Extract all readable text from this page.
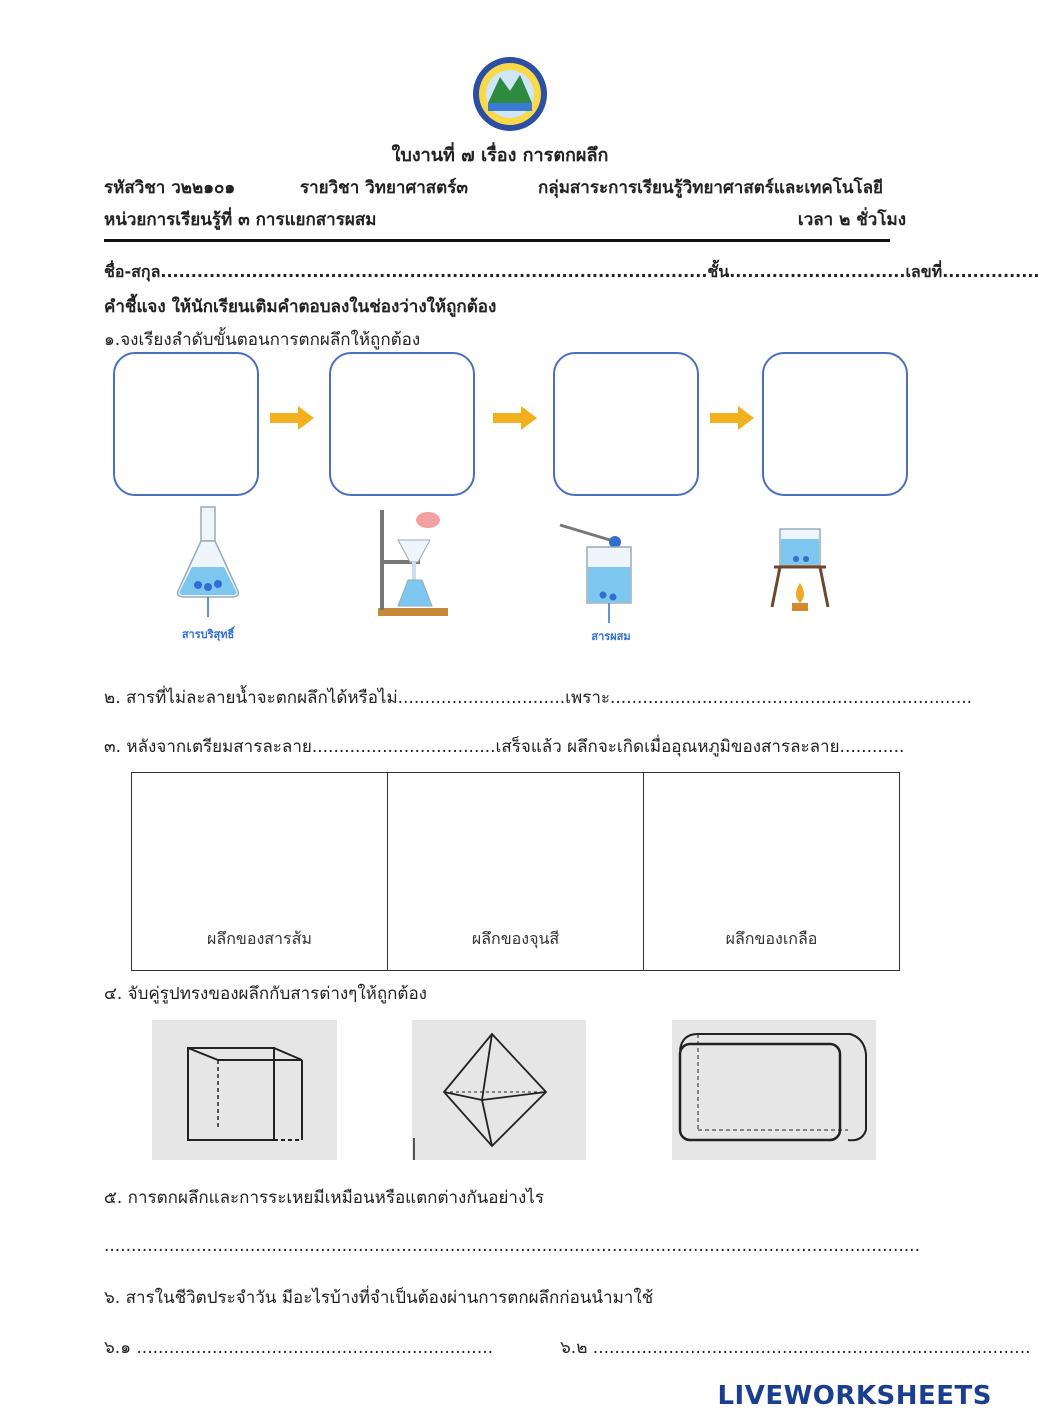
ใบงานที่ ๗ เรื่อง การตกผลึก
รหัสวิชา ว๒๒๑๐๑	รายวิชา วิทยาศาสตร์๓	กลุ่มสาระการเรียนรู้วิทยาศาสตร์และเทคโนโลยี
หน่วยการเรียนรู้ที่ ๓ การแยกสารผสม	เวลา ๒ ชั่วโมง
ชื่อ-สกุล..........................................................................................ชั้น.............................เลขที่................
คำชี้แจง ให้นักเรียนเติมคำตอบลงในช่องว่างให้ถูกต้อง
๑.จงเรียงลำดับขั้นตอนการตกผลึกให้ถูกต้อง
สารบริสุทธิ์	สารผสม
๒. สารที่ไม่ละลายน้ำจะตกผลึกได้หรือไม่...............................เพราะ...................................................................
๓. หลังจากเตรียมสารละลาย..................................เสร็จแล้ว ผลึกจะเกิดเมื่ออุณหภูมิของสารละลาย............
ผลึกของสารส้ม	ผลึกของจุนสี	ผลึกของเกลือ
๔. จับคู่รูปทรงของผลึกกับสารต่างๆให้ถูกต้อง
๕. การตกผลึกและการระเหยมีเหมือนหรือแตกต่างกันอย่างไร
.......................................................................................................................................................
๖. สารในชีวิตประจำวัน มีอะไรบ้างที่จำเป็นต้องผ่านการตกผลึกก่อนนำมาใช้
๖.๑ ..................................................................	๖.๒ .................................................................................
LIVEWORKSHEETS
